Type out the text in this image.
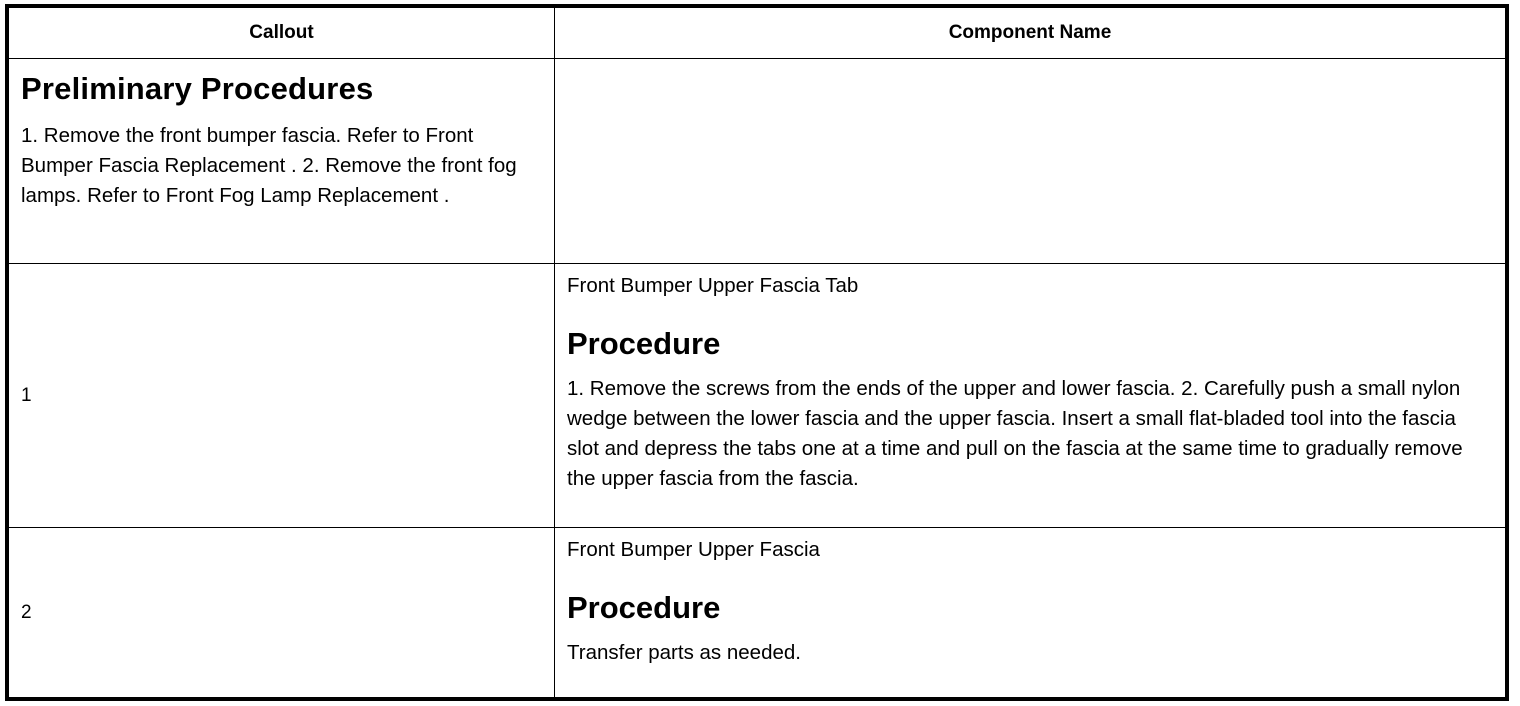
Callout	Component Name

Preliminary Procedures

1. Remove the front bumper fascia. Refer to Front Bumper Fascia Replacement . 2. Remove the front fog lamps. Refer to Front Fog Lamp Replacement .	

1	Front Bumper Upper Fascia Tab

Procedure

1. Remove the screws from the ends of the upper and lower fascia. 2. Carefully push a small nylon wedge between the lower fascia and the upper fascia. Insert a small flat-bladed tool into the fascia slot and depress the tabs one at a time and pull on the fascia at the same time to gradually remove the upper fascia from the fascia.

2	Front Bumper Upper Fascia

Procedure

Transfer parts as needed.
